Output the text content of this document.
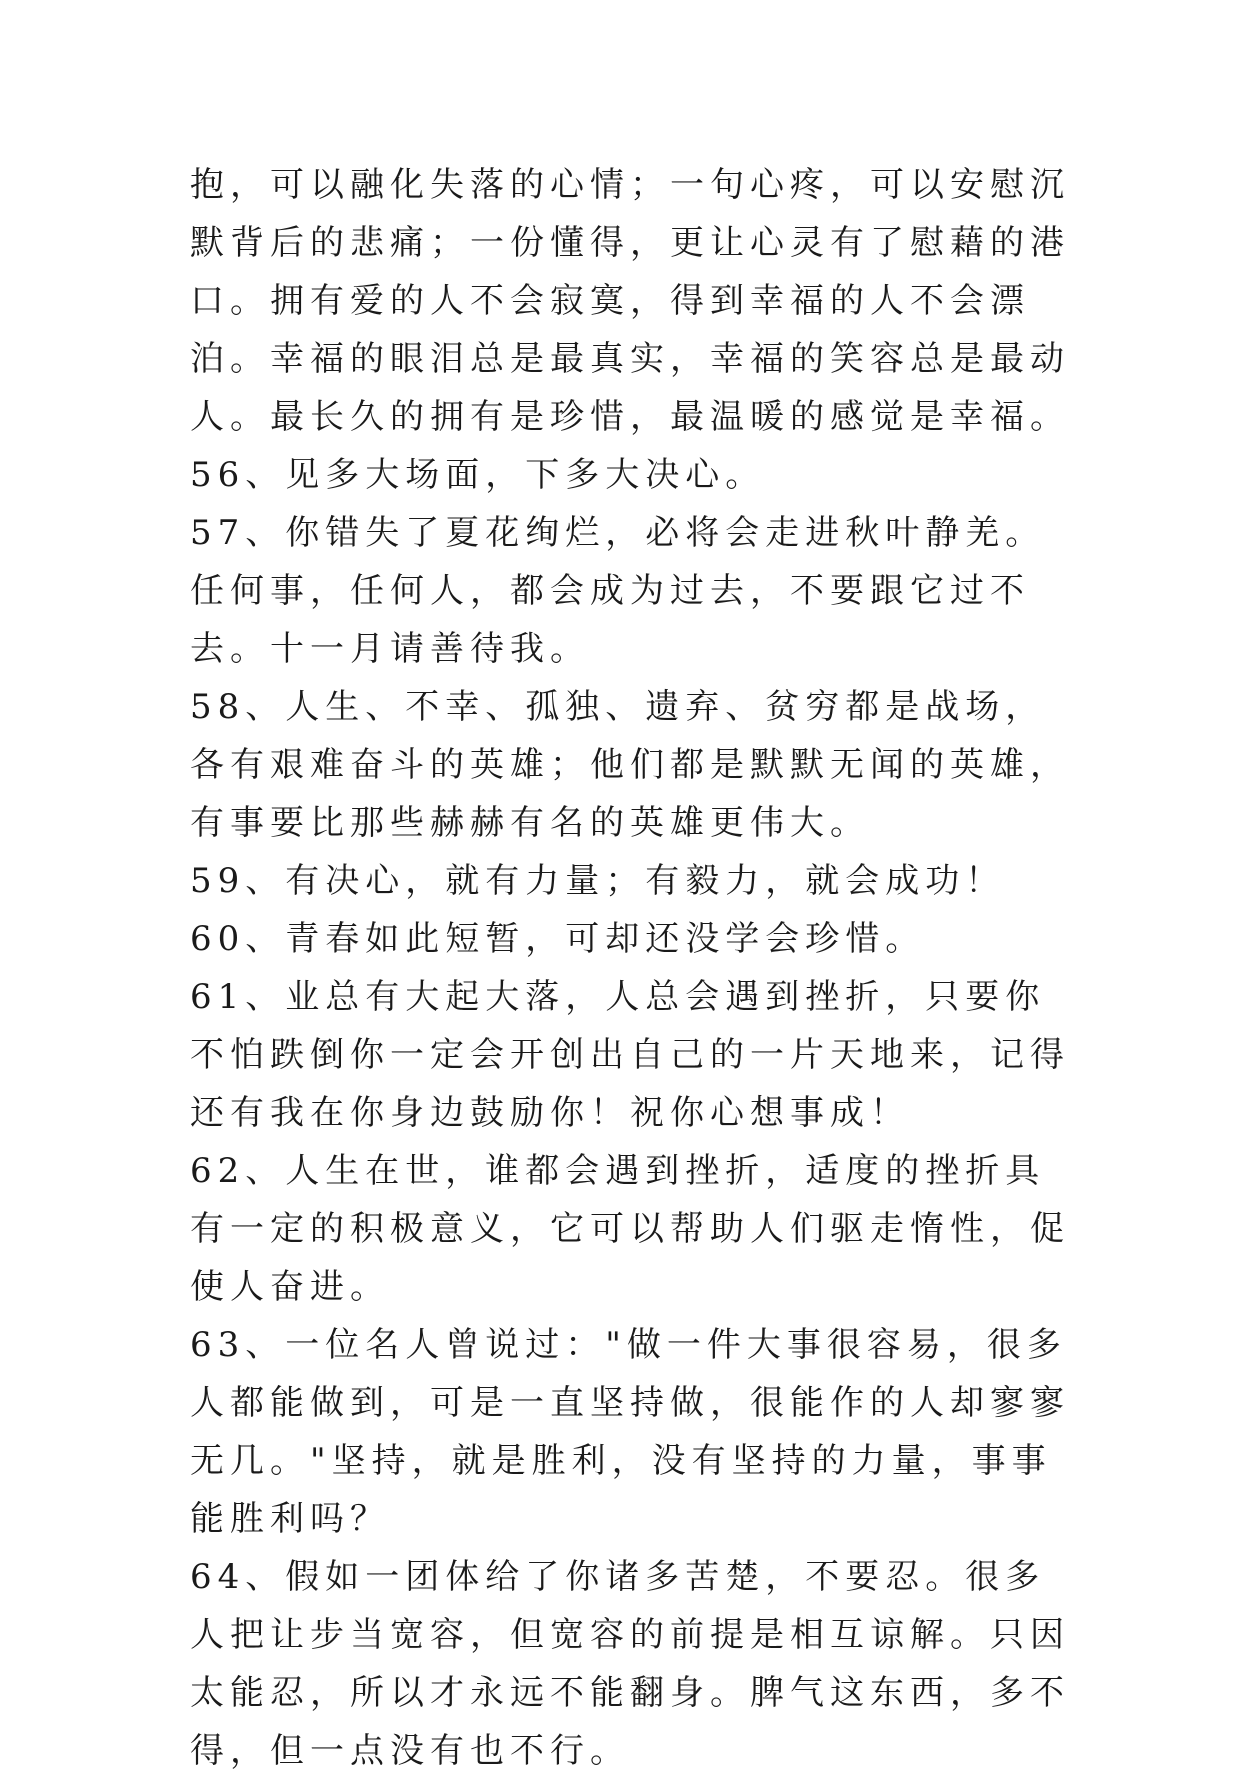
抱，可以融化失落的心情；一句心疼，可以安慰沉默背后的悲痛；一份懂得，更让心灵有了慰藉的港口。拥有爱的人不会寂寞，得到幸福的人不会漂泊。幸福的眼泪总是最真实，幸福的笑容总是最动人。最长久的拥有是珍惜，最温暖的感觉是幸福。

56、见多大场面，下多大决心。

57、你错失了夏花绚烂，必将会走进秋叶静羌。任何事，任何人，都会成为过去，不要跟它过不去。十一月请善待我。

58、人生、不幸、孤独、遗弃、贫穷都是战场，各有艰难奋斗的英雄；他们都是默默无闻的英雄，有事要比那些赫赫有名的英雄更伟大。

59、有决心，就有力量；有毅力，就会成功！

60、青春如此短暂，可却还没学会珍惜。

61、业总有大起大落，人总会遇到挫折，只要你不怕跌倒你一定会开创出自己的一片天地来，记得还有我在你身边鼓励你！祝你心想事成！

62、人生在世，谁都会遇到挫折，适度的挫折具有一定的积极意义，它可以帮助人们驱走惰性，促使人奋进。

63、一位名人曾说过："做一件大事很容易，很多人都能做到，可是一直坚持做，很能作的人却寥寥无几。"坚持，就是胜利，没有坚持的力量，事事能胜利吗？

64、假如一团体给了你诸多苦楚，不要忍。很多人把让步当宽容，但宽容的前提是相互谅解。只因太能忍，所以才永远不能翻身。脾气这东西，多不得，但一点没有也不行。
